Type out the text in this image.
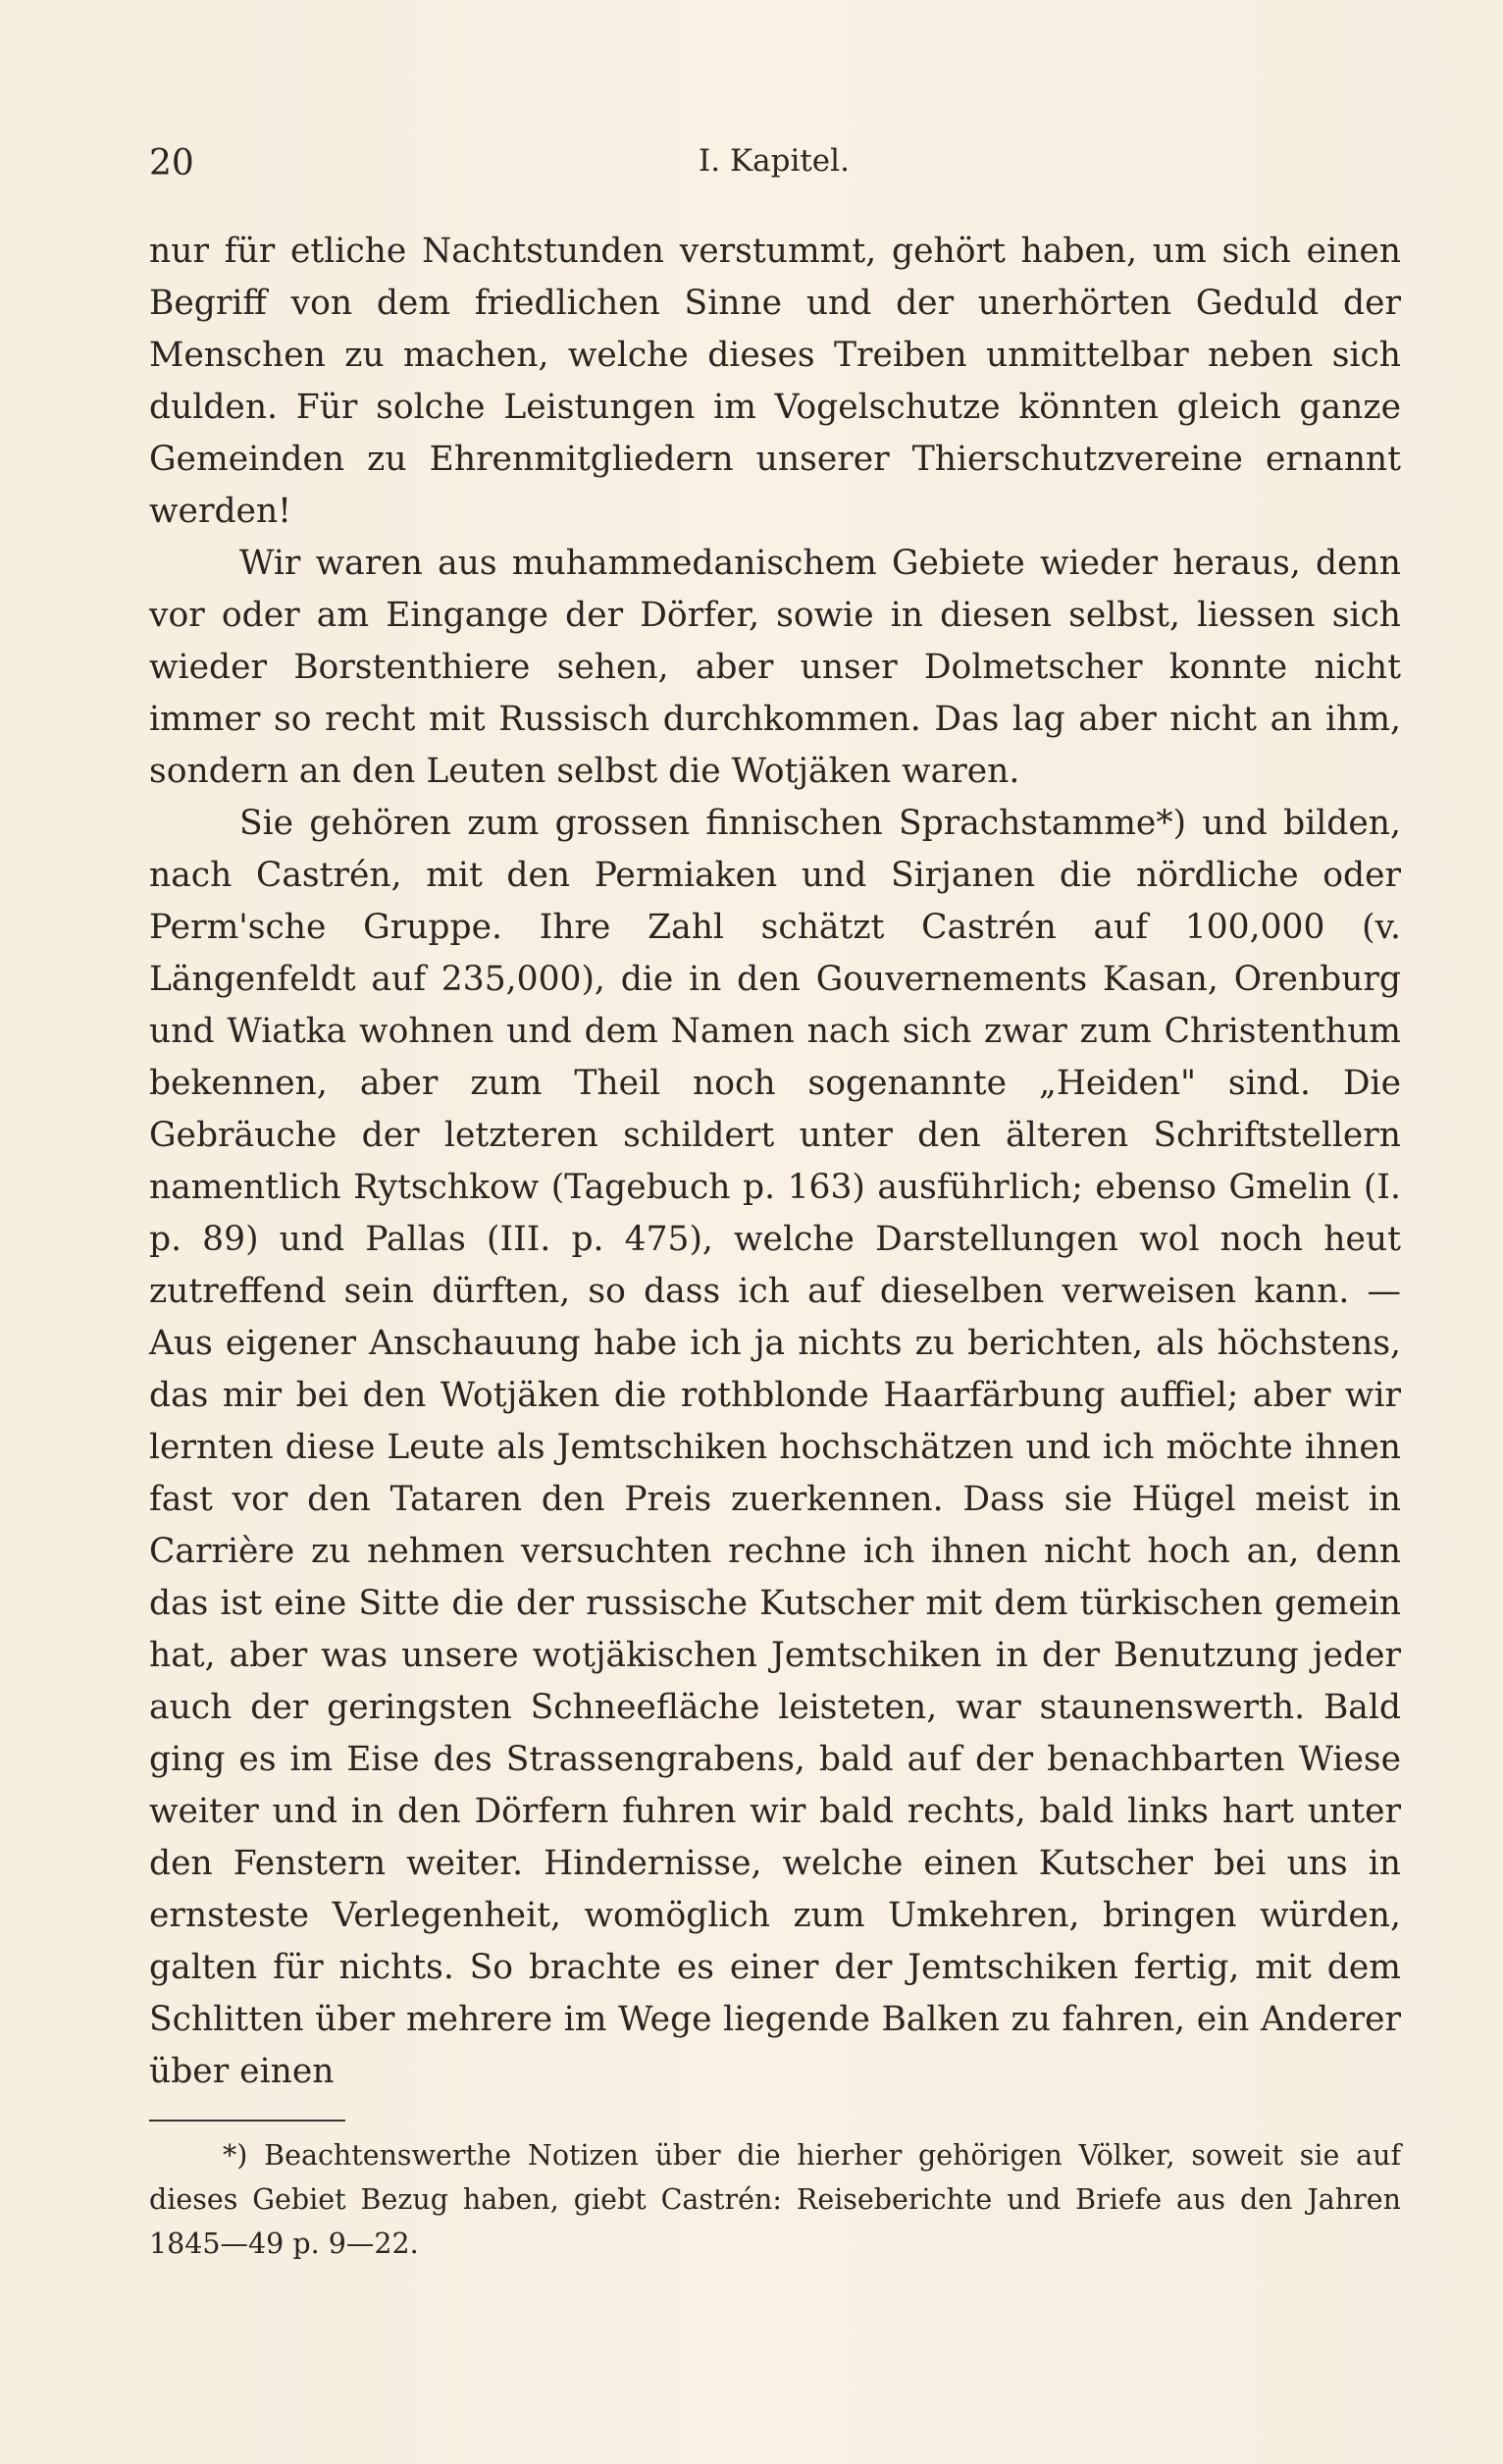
20	I. Kapitel.

nur für etliche Nachtstunden verstummt, gehört haben, um sich einen Begriff von dem friedlichen Sinne und der unerhörten Geduld der Menschen zu machen, welche dieses Treiben unmittelbar neben sich dulden. Für solche Leistungen im Vogelschutze könnten gleich ganze Gemeinden zu Ehrenmitgliedern unserer Thierschutzvereine ernannt werden!

Wir waren aus muhammedanischem Gebiete wieder heraus, denn vor oder am Eingange der Dörfer, sowie in diesen selbst, liessen sich wieder Borstenthiere sehen, aber unser Dolmetscher konnte nicht immer so recht mit Russisch durchkommen. Das lag aber nicht an ihm, sondern an den Leuten selbst die Wotjäken waren.

Sie gehören zum grossen finnischen Sprachstamme*) und bilden, nach Castrén, mit den Permiaken und Sirjanen die nördliche oder Perm'sche Gruppe. Ihre Zahl schätzt Castrén auf 100,000 (v. Längenfeldt auf 235,000), die in den Gouvernements Kasan, Orenburg und Wiatka wohnen und dem Namen nach sich zwar zum Christenthum bekennen, aber zum Theil noch sogenannte „Heiden" sind. Die Gebräuche der letzteren schildert unter den älteren Schriftstellern namentlich Rytschkow (Tagebuch p. 163) ausführlich; ebenso Gmelin (I. p. 89) und Pallas (III. p. 475), welche Darstellungen wol noch heut zutreffend sein dürften, so dass ich auf dieselben verweisen kann. — Aus eigener Anschauung habe ich ja nichts zu berichten, als höchstens, das mir bei den Wotjäken die rothblonde Haarfärbung auffiel; aber wir lernten diese Leute als Jemtschiken hochschätzen und ich möchte ihnen fast vor den Tataren den Preis zuerkennen. Dass sie Hügel meist in Carrière zu nehmen versuchten rechne ich ihnen nicht hoch an, denn das ist eine Sitte die der russische Kutscher mit dem türkischen gemein hat, aber was unsere wotjäkischen Jemtschiken in der Benutzung jeder auch der geringsten Schneefläche leisteten, war staunenswerth. Bald ging es im Eise des Strassengrabens, bald auf der benachbarten Wiese weiter und in den Dörfern fuhren wir bald rechts, bald links hart unter den Fenstern weiter. Hindernisse, welche einen Kutscher bei uns in ernsteste Verlegenheit, womöglich zum Umkehren, bringen würden, galten für nichts. So brachte es einer der Jemtschiken fertig, mit dem Schlitten über mehrere im Wege liegende Balken zu fahren, ein Anderer über einen

*) Beachtenswerthe Notizen über die hierher gehörigen Völker, soweit sie auf dieses Gebiet Bezug haben, giebt Castrén: Reiseberichte und Briefe aus den Jahren 1845—49 p. 9—22.
